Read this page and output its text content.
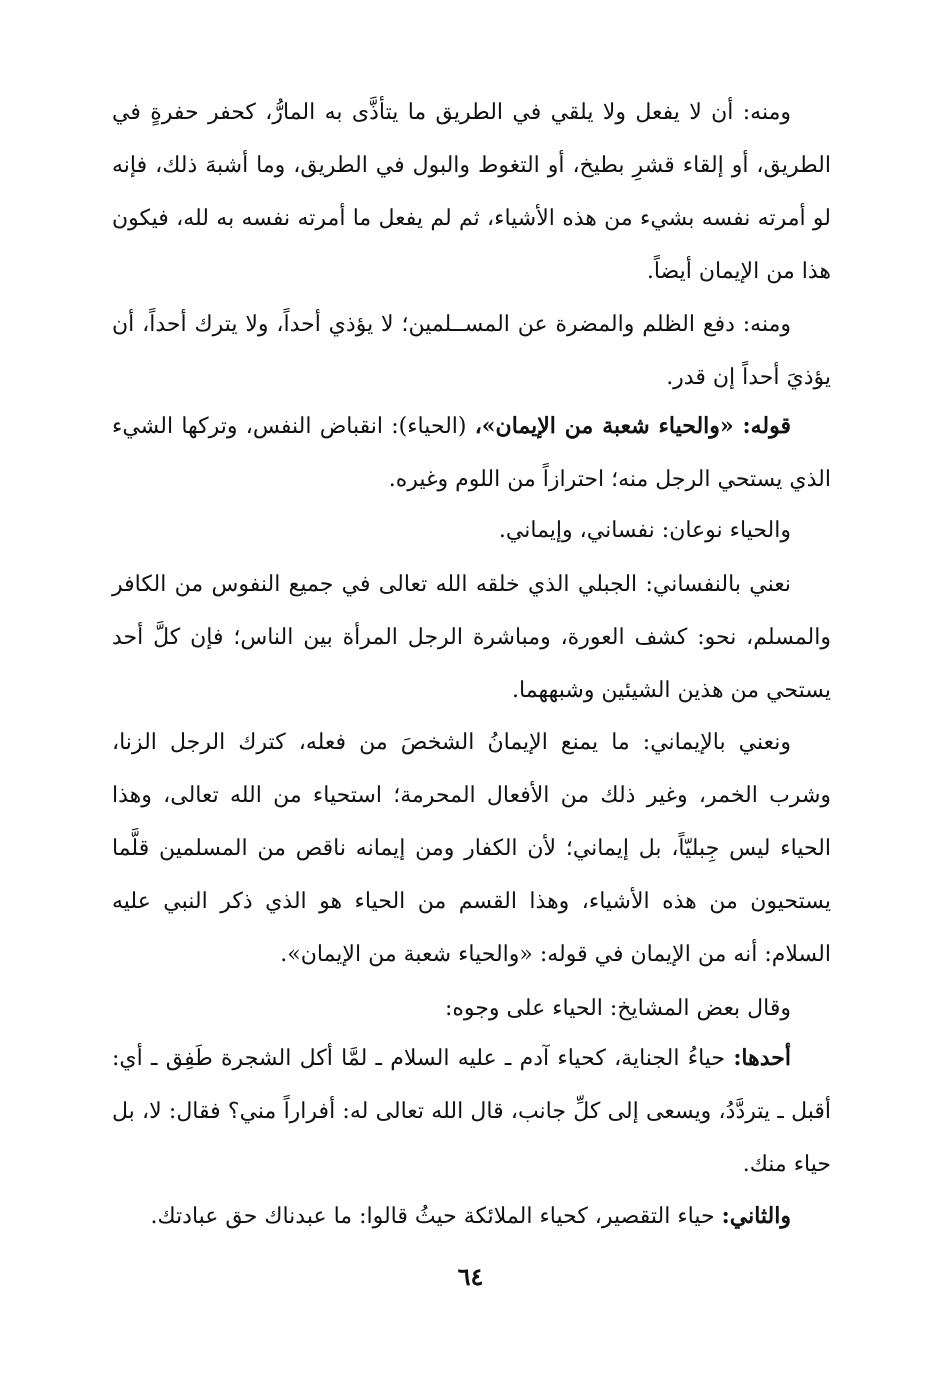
ومنه: أن لا يفعل ولا يلقي في الطريق ما يتأذَّى به المارُّ، كحفر حفرةٍ في الطريق، أو إلقاء قشرِ بطيخ، أو التغوط والبول في الطريق، وما أشبهَ ذلك، فإنه لو أمرته نفسه بشيء من هذه الأشياء، ثم لم يفعل ما أمرته نفسه به لله، فيكون هذا من الإيمان أيضاً.

ومنه: دفع الظلم والمضرة عن المســلمين؛ لا يؤذي أحداً، ولا يترك أحداً، أن يؤذيَ أحداً إن قدر.

قوله: «والحياء شعبة من الإيمان»، (الحياء): انقباض النفس، وتركها الشيء الذي يستحي الرجل منه؛ احترازاً من اللوم وغيره.

والحياء نوعان: نفساني، وإيماني.

نعني بالنفساني: الجبلي الذي خلقه الله تعالى في جميع النفوس من الكافر والمسلم، نحو: كشف العورة، ومباشرة الرجل المرأة بين الناس؛ فإن كلَّ أحد يستحي من هذين الشيئين وشبههما.

ونعني بالإيماني: ما يمنع الإيمانُ الشخصَ من فعله، كترك الرجل الزنا، وشرب الخمر، وغير ذلك من الأفعال المحرمة؛ استحياء من الله تعالى، وهذا الحياء ليس جِبليّاً، بل إيماني؛ لأن الكفار ومن إيمانه ناقص من المسلمين قلَّما يستحيون من هذه الأشياء، وهذا القسم من الحياء هو الذي ذكر النبي عليه السلام: أنه من الإيمان في قوله: «والحياء شعبة من الإيمان».

وقال بعض المشايخ: الحياء على وجوه:

أحدها: حياءُ الجناية، كحياء آدم ـ عليه السلام ـ لمَّا أكل الشجرة طَفِق ـ أي: أقبل ـ يتردَّدُ، ويسعى إلى كلِّ جانب، قال الله تعالى له: أفراراً مني؟ فقال: لا، بل حياء منك.

والثاني: حياء التقصير، كحياء الملائكة حيثُ قالوا: ما عبدناك حق عبادتك.

٦٤
